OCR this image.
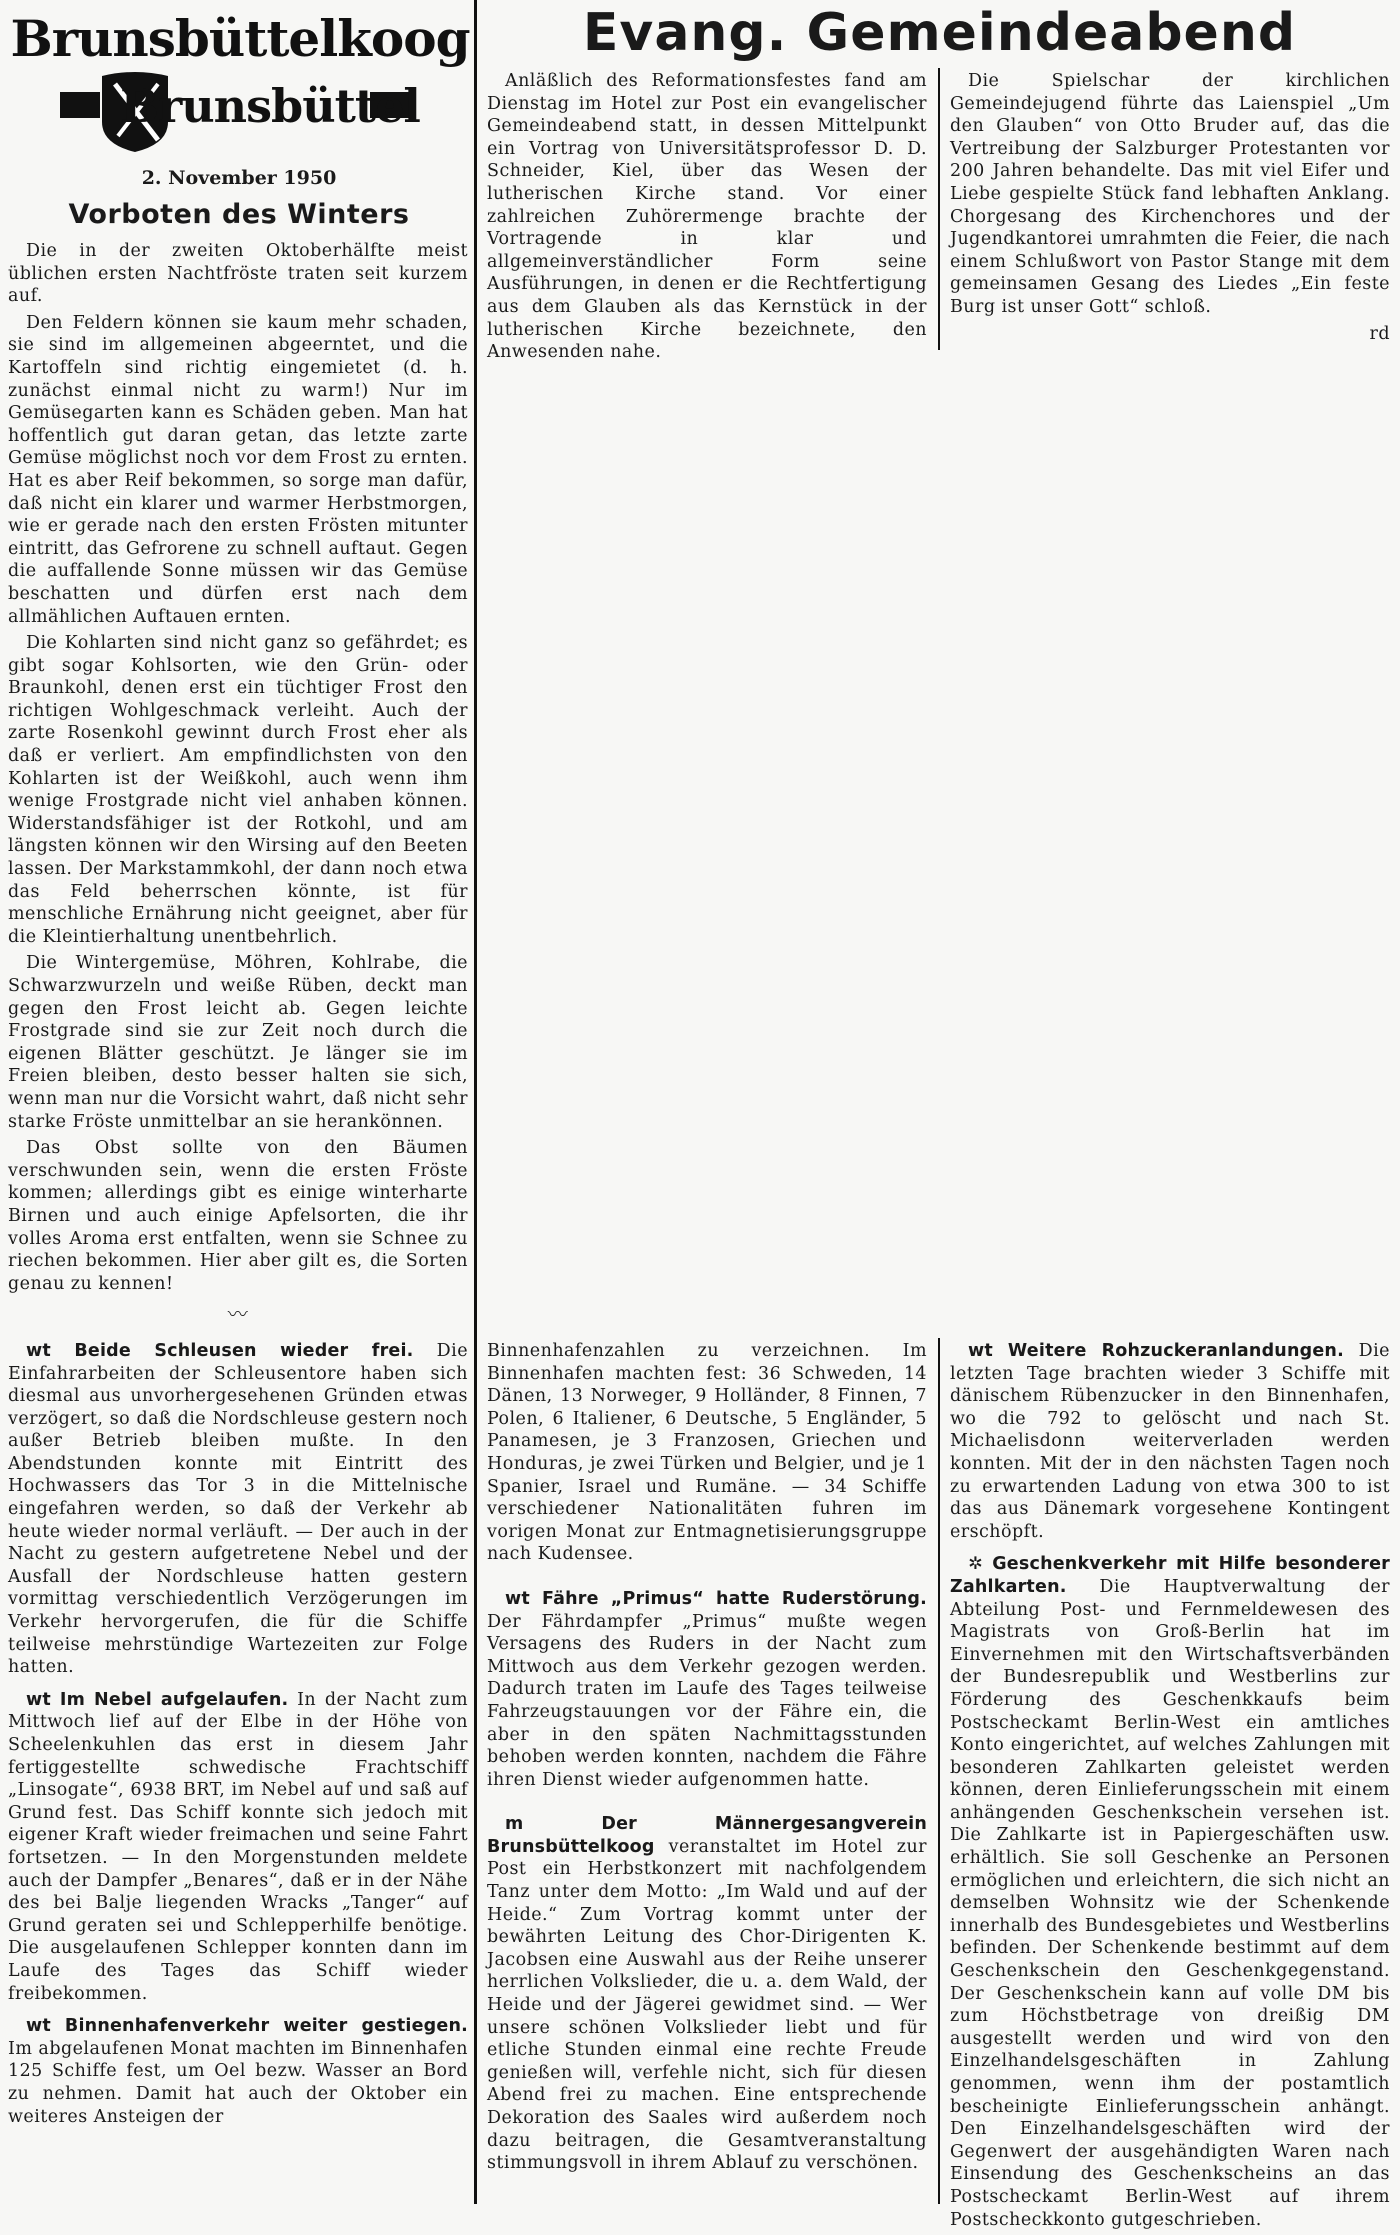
Brunsbüttelkoog
Brunsbüttel
2. November 1950
Vorboten des Winters

Die in der zweiten Oktoberhälfte meist üblichen ersten Nachtfröste traten seit kurzem auf.

Den Feldern können sie kaum mehr schaden, sie sind im allgemeinen abgeerntet, und die Kartoffeln sind richtig eingemietet (d. h. zunächst einmal nicht zu warm!) Nur im Gemüsegarten kann es Schäden geben. Man hat hoffentlich gut daran getan, das letzte zarte Gemüse möglichst noch vor dem Frost zu ernten. Hat es aber Reif bekommen, so sorge man dafür, daß nicht ein klarer und warmer Herbstmorgen, wie er gerade nach den ersten Frösten mitunter eintritt, das Gefrorene zu schnell auftaut. Gegen die auffallende Sonne müssen wir das Gemüse beschatten und dürfen erst nach dem allmählichen Auftauen ernten.

Die Kohlarten sind nicht ganz so gefährdet; es gibt sogar Kohlsorten, wie den Grün- oder Braunkohl, denen erst ein tüchtiger Frost den richtigen Wohlgeschmack verleiht. Auch der zarte Rosenkohl gewinnt durch Frost eher als daß er verliert. Am empfindlichsten von den Kohlarten ist der Weißkohl, auch wenn ihm wenige Frostgrade nicht viel anhaben können. Widerstandsfähiger ist der Rotkohl, und am längsten können wir den Wirsing auf den Beeten lassen. Der Markstammkohl, der dann noch etwa das Feld beherrschen könnte, ist für menschliche Ernährung nicht geeignet, aber für die Kleintierhaltung unentbehrlich.

Die Wintergemüse, Möhren, Kohlrabe, die Schwarzwurzeln und weiße Rüben, deckt man gegen den Frost leicht ab. Gegen leichte Frostgrade sind sie zur Zeit noch durch die eigenen Blätter geschützt. Je länger sie im Freien bleiben, desto besser halten sie sich, wenn man nur die Vorsicht wahrt, daß nicht sehr starke Fröste unmittelbar an sie herankönnen.

Das Obst sollte von den Bäumen verschwunden sein, wenn die ersten Fröste kommen; allerdings gibt es einige winterharte Birnen und auch einige Apfelsorten, die ihr volles Aroma erst entfalten, wenn sie Schnee zu riechen bekommen. Hier aber gilt es, die Sorten genau zu kennen!

〰

wt Beide Schleusen wieder frei. Die Einfahrarbeiten der Schleusentore haben sich diesmal aus unvorhergesehenen Gründen etwas verzögert, so daß die Nordschleuse gestern noch außer Betrieb bleiben mußte. In den Abendstunden konnte mit Eintritt des Hochwassers das Tor 3 in die Mittelnische eingefahren werden, so daß der Verkehr ab heute wieder normal verläuft. — Der auch in der Nacht zu gestern aufgetretene Nebel und der Ausfall der Nordschleuse hatten gestern vormittag verschiedentlich Verzögerungen im Verkehr hervorgerufen, die für die Schiffe teilweise mehrstündige Wartezeiten zur Folge hatten.

wt Im Nebel aufgelaufen. In der Nacht zum Mittwoch lief auf der Elbe in der Höhe von Scheelenkuhlen das erst in diesem Jahr fertiggestellte schwedische Frachtschiff „Linsogate“, 6938 BRT, im Nebel auf und saß auf Grund fest. Das Schiff konnte sich jedoch mit eigener Kraft wieder freimachen und seine Fahrt fortsetzen. — In den Morgenstunden meldete auch der Dampfer „Benares“, daß er in der Nähe des bei Balje liegenden Wracks „Tanger“ auf Grund geraten sei und Schlepperhilfe benötige. Die ausgelaufenen Schlepper konnten dann im Laufe des Tages das Schiff wieder freibekommen.

wt Binnenhafenverkehr weiter gestiegen. Im abgelaufenen Monat machten im Binnenhafen 125 Schiffe fest, um Oel bezw. Wasser an Bord zu nehmen. Damit hat auch der Oktober ein weiteres Ansteigen der

Evang. Gemeindeabend

Anläßlich des Reformationsfestes fand am Dienstag im Hotel zur Post ein evangelischer Gemeindeabend statt, in dessen Mittelpunkt ein Vortrag von Universitätsprofessor D. D. Schneider, Kiel, über das Wesen der lutherischen Kirche stand. Vor einer zahlreichen Zuhörermenge brachte der Vortragende in klar und allgemeinverständlicher Form seine Ausführungen, in denen er die Rechtfertigung aus dem Glauben als das Kernstück in der lutherischen Kirche bezeichnete, den Anwesenden nahe.

Die Spielschar der kirchlichen Gemeindejugend führte das Laienspiel „Um den Glauben“ von Otto Bruder auf, das die Vertreibung der Salzburger Protestanten vor 200 Jahren behandelte. Das mit viel Eifer und Liebe gespielte Stück fand lebhaften Anklang. Chorgesang des Kirchenchores und der Jugendkantorei umrahmten die Feier, die nach einem Schlußwort von Pastor Stange mit dem gemeinsamen Gesang des Liedes „Ein feste Burg ist unser Gott“ schloß.

rd

Binnenhafenzahlen zu verzeichnen. Im Binnenhafen machten fest: 36 Schweden, 14 Dänen, 13 Norweger, 9 Holländer, 8 Finnen, 7 Polen, 6 Italiener, 6 Deutsche, 5 Engländer, 5 Panamesen, je 3 Franzosen, Griechen und Honduras, je zwei Türken und Belgier, und je 1 Spanier, Israel und Rumäne. — 34 Schiffe verschiedener Nationalitäten fuhren im vorigen Monat zur Entmagnetisierungsgruppe nach Kudensee.

wt Fähre „Primus“ hatte Ruderstörung. Der Fährdampfer „Primus“ mußte wegen Versagens des Ruders in der Nacht zum Mittwoch aus dem Verkehr gezogen werden. Dadurch traten im Laufe des Tages teilweise Fahrzeugstauungen vor der Fähre ein, die aber in den späten Nachmittagsstunden behoben werden konnten, nachdem die Fähre ihren Dienst wieder aufgenommen hatte.

m Der Männergesangverein Brunsbüttelkoog veranstaltet im Hotel zur Post ein Herbstkonzert mit nachfolgendem Tanz unter dem Motto: „Im Wald und auf der Heide.“ Zum Vortrag kommt unter der bewährten Leitung des Chor-Dirigenten K. Jacobsen eine Auswahl aus der Reihe unserer herrlichen Volkslieder, die u. a. dem Wald, der Heide und der Jägerei gewidmet sind. — Wer unsere schönen Volkslieder liebt und für etliche Stunden einmal eine rechte Freude genießen will, verfehle nicht, sich für diesen Abend frei zu machen. Eine entsprechende Dekoration des Saales wird außerdem noch dazu beitragen, die Gesamtveranstaltung stimmungsvoll in ihrem Ablauf zu verschönen.

wt Weitere Rohzuckeranlandungen. Die letzten Tage brachten wieder 3 Schiffe mit dänischem Rübenzucker in den Binnenhafen, wo die 792 to gelöscht und nach St. Michaelisdonn weiterverladen werden konnten. Mit der in den nächsten Tagen noch zu erwartenden Ladung von etwa 300 to ist das aus Dänemark vorgesehene Kontingent erschöpft.

✲ Geschenkverkehr mit Hilfe besonderer Zahlkarten. Die Hauptverwaltung der Abteilung Post- und Fernmeldewesen des Magistrats von Groß-Berlin hat im Einvernehmen mit den Wirtschaftsverbänden der Bundesrepublik und Westberlins zur Förderung des Geschenkkaufs beim Postscheckamt Berlin-West ein amtliches Konto eingerichtet, auf welches Zahlungen mit besonderen Zahlkarten geleistet werden können, deren Einlieferungsschein mit einem anhängenden Geschenkschein versehen ist. Die Zahlkarte ist in Papiergeschäften usw. erhältlich. Sie soll Geschenke an Personen ermöglichen und erleichtern, die sich nicht an demselben Wohnsitz wie der Schenkende innerhalb des Bundesgebietes und Westberlins befinden. Der Schenkende bestimmt auf dem Geschenkschein den Geschenkgegenstand. Der Geschenkschein kann auf volle DM bis zum Höchstbetrage von dreißig DM ausgestellt werden und wird von den Einzelhandelsgeschäften in Zahlung genommen, wenn ihm der postamtlich bescheinigte Einlieferungsschein anhängt. Den Einzelhandelsgeschäften wird der Gegenwert der ausgehändigten Waren nach Einsendung des Geschenkscheins an das Postscheckamt Berlin-West auf ihrem Postscheckkonto gutgeschrieben.
